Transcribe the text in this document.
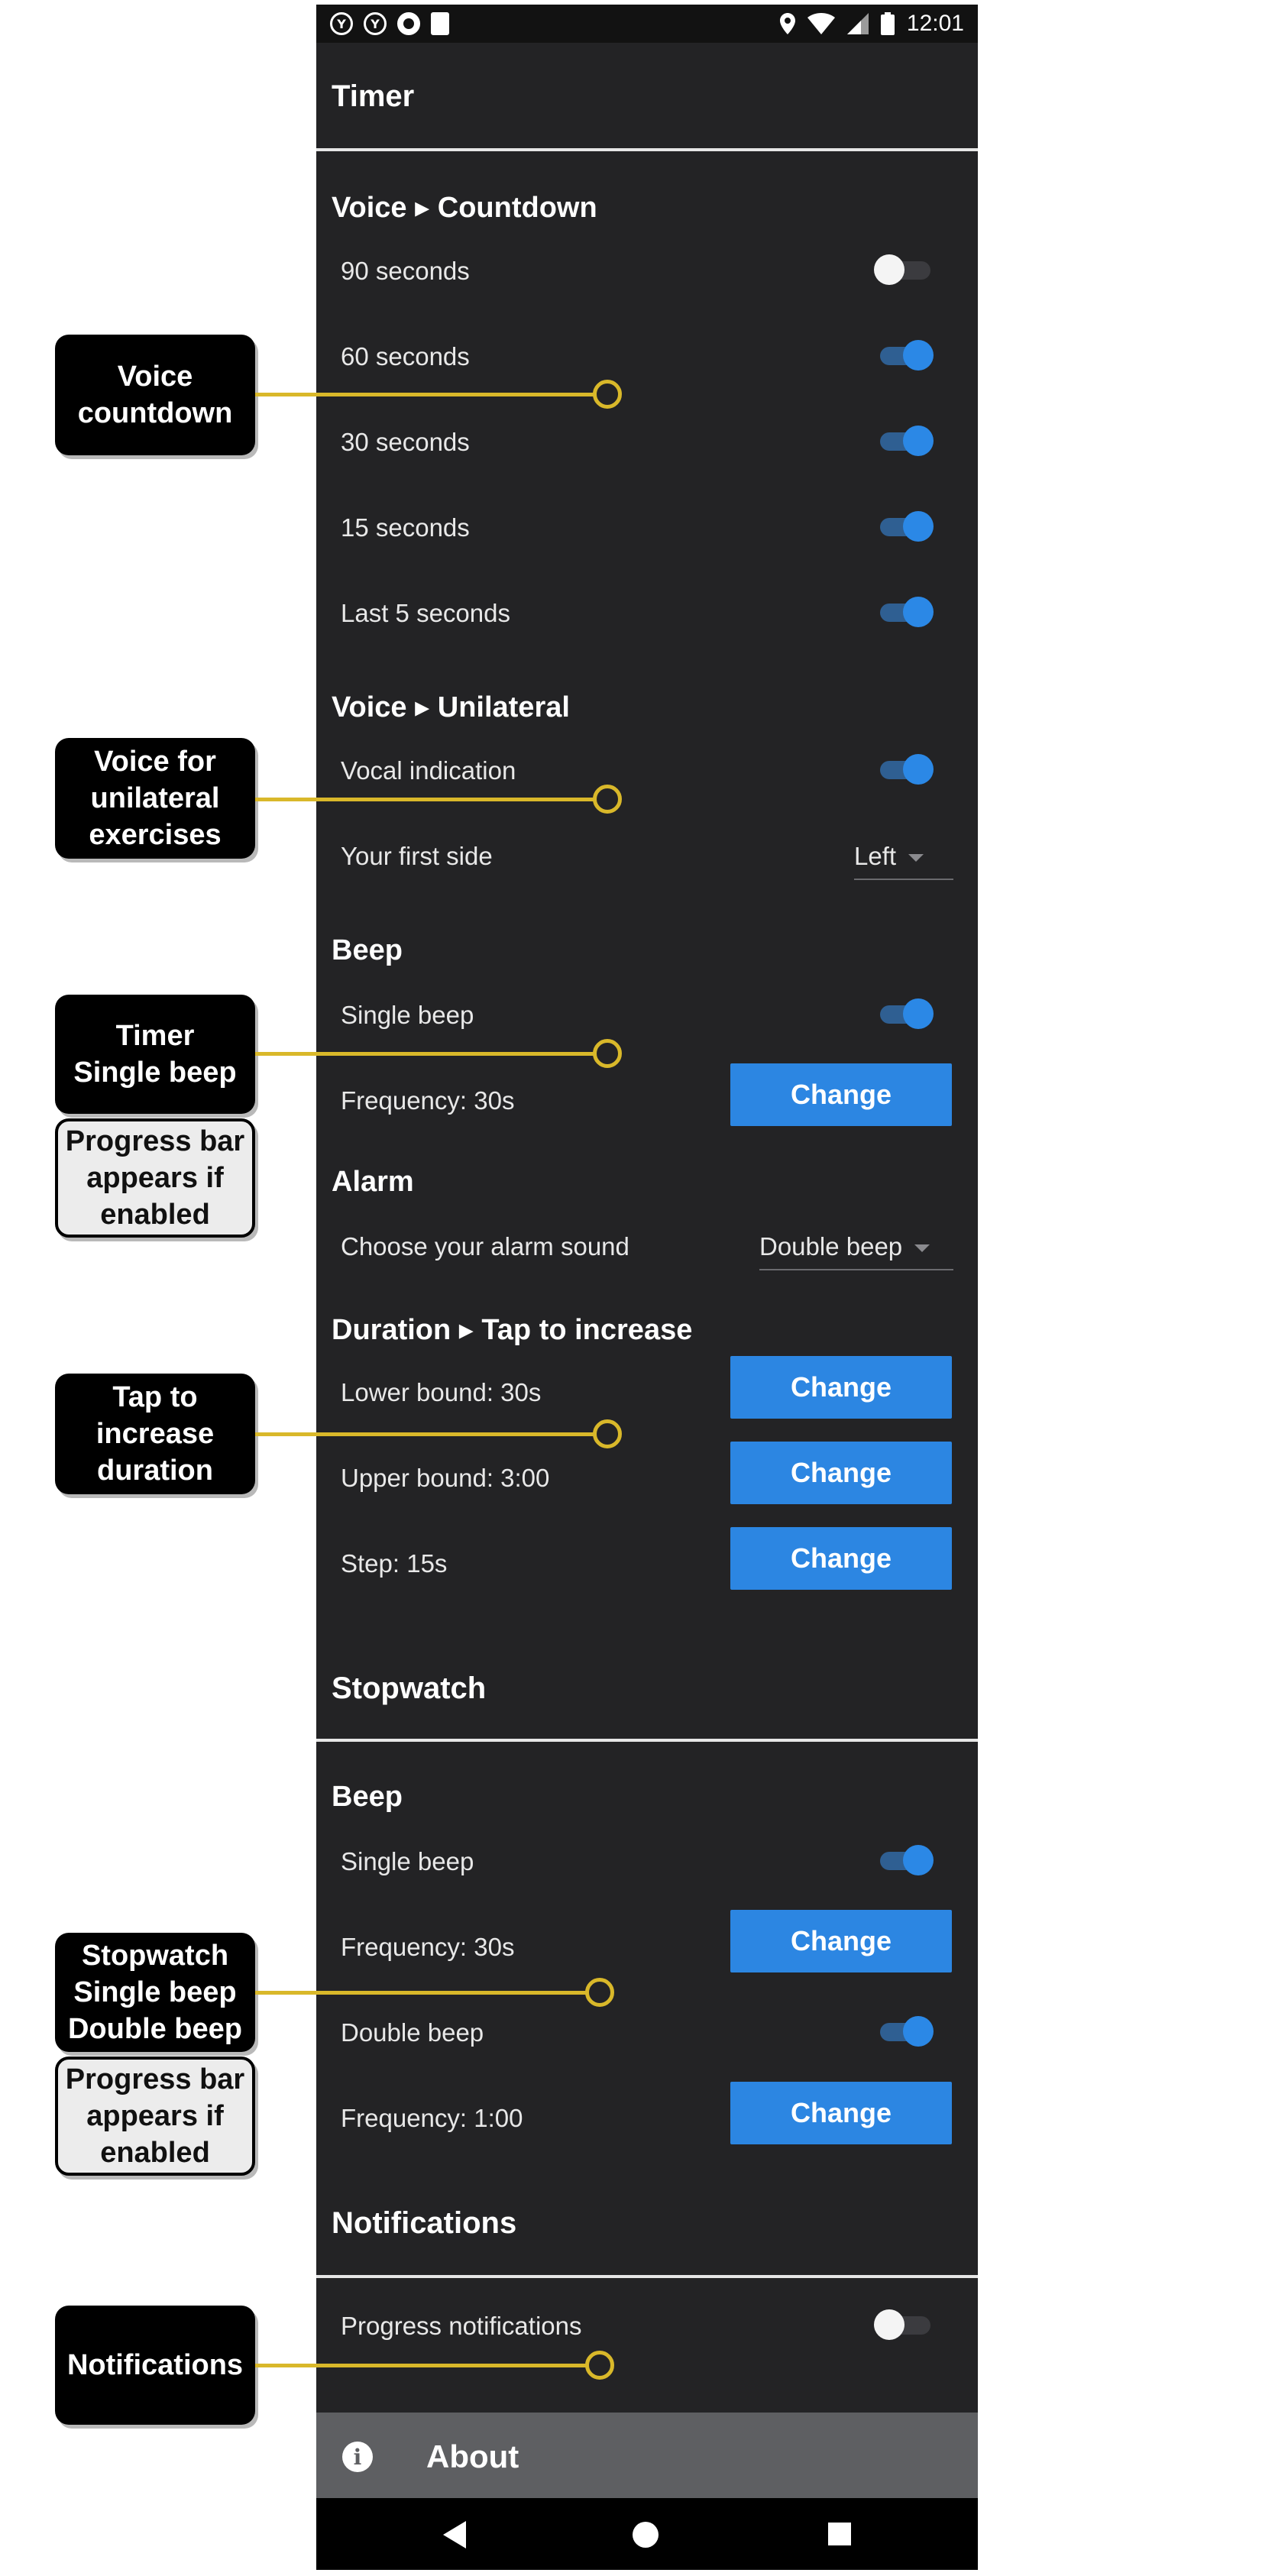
Y	Y	12:01
Timer
Voice ▸ Countdown
90 seconds
60 seconds
30 seconds
15 seconds
Last 5 seconds
Voice ▸ Unilateral
Vocal indication
Your first side	Left
Beep
Single beep
Frequency: 30s	Change
Alarm
Choose your alarm sound	Double beep
Duration ▸ Tap to increase
Lower bound: 30s	Change
Upper bound: 3:00	Change
Step: 15s	Change
Stopwatch
Beep
Single beep
Frequency: 30s	Change
Double beep
Frequency: 1:00	Change
Notifications
Progress notifications
i	About
Voice
countdown
Voice for
unilateral
exercises
Timer
Single beep
Progress bar
appears if
enabled
Tap to
increase
duration
Stopwatch
Single beep
Double beep
Progress bar
appears if
enabled
Notifications
